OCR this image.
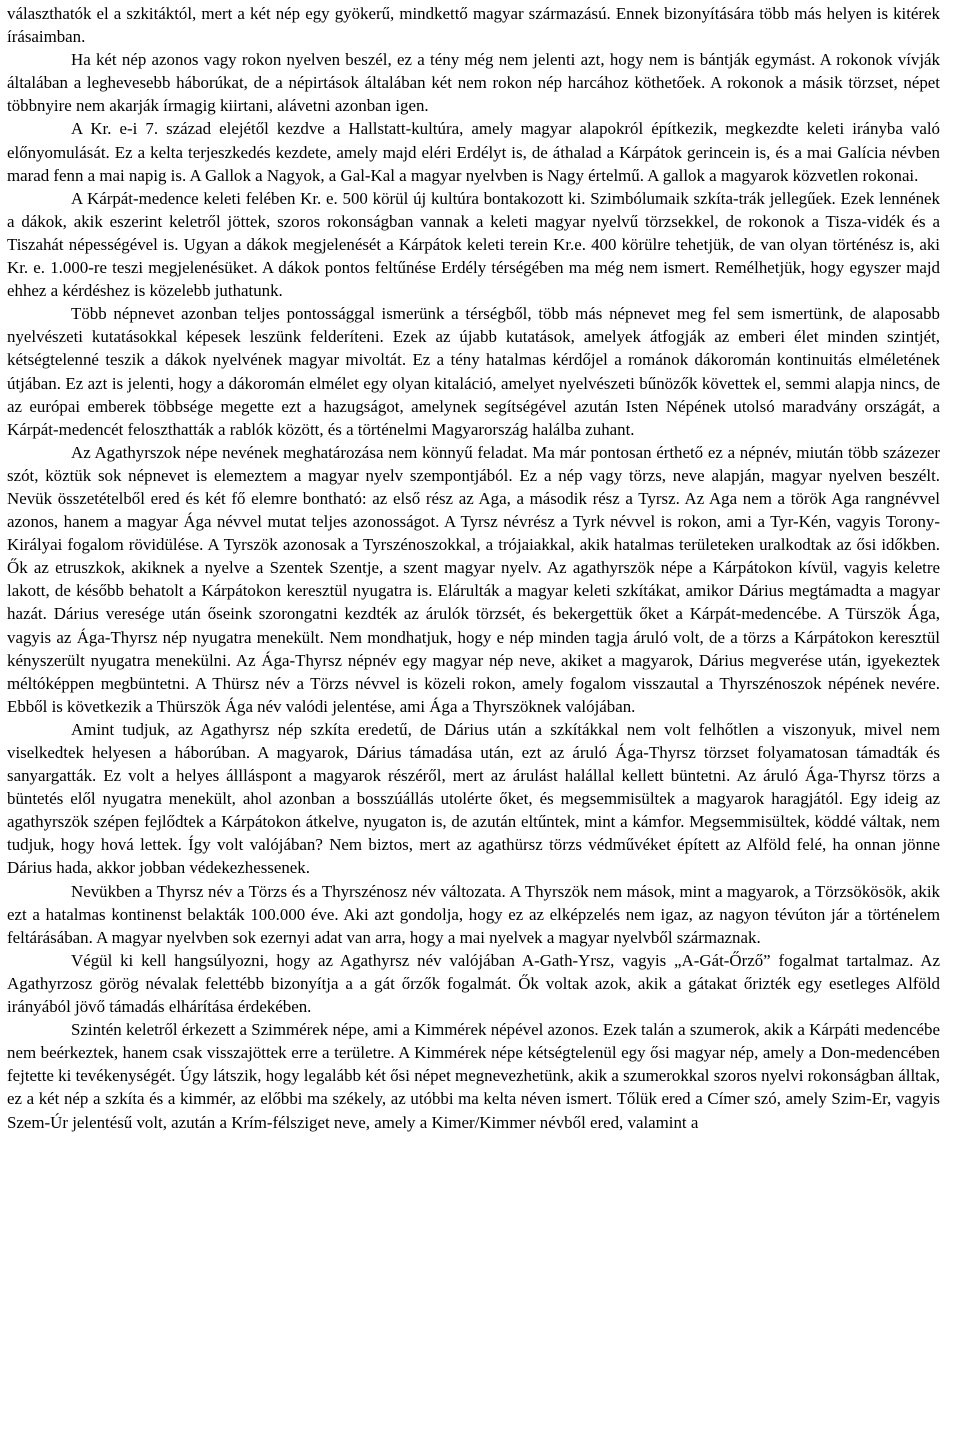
választhatók el a szkitáktól, mert a két nép egy gyökerű, mindkettő magyar származású. Ennek bizonyítására több más helyen is kitérek írásaimban.

Ha két nép azonos vagy rokon nyelven beszél, ez a tény még nem jelenti azt, hogy nem is bántják egymást. A rokonok vívják általában a leghevesebb háborúkat, de a népirtások általában két nem rokon nép harcához köthetőek. A rokonok a másik törzset, népet többnyire nem akarják írmagig kiirtani, alávetni azonban igen.

A Kr. e-i 7. század elejétől kezdve a Hallstatt-kultúra, amely magyar alapokról építkezik, megkezdte keleti irányba való előnyomulását. Ez a kelta terjeszkedés kezdete, amely majd eléri Erdélyt is, de áthalad a Kárpátok gerincein is, és a mai Galícia névben marad fenn a mai napig is. A Gallok a Nagyok, a Gal-Kal a magyar nyelvben is Nagy értelmű. A gallok a magyarok közvetlen rokonai.

A Kárpát-medence keleti felében Kr. e. 500 körül új kultúra bontakozott ki. Szimbólumaik szkíta-trák jellegűek. Ezek lennének a dákok, akik eszerint keletről jöttek, szoros rokonságban vannak a keleti magyar nyelvű törzsekkel, de rokonok a Tisza-vidék és a Tiszahát népességével is. Ugyan a dákok megjelenését a Kárpátok keleti terein Kr.e. 400 körülre tehetjük, de van olyan történész is, aki Kr. e. 1.000-re teszi megjelenésüket. A dákok pontos feltűnése Erdély térségében ma még nem ismert. Remélhetjük, hogy egyszer majd ehhez a kérdéshez is közelebb juthatunk.

Több népnevet azonban teljes pontossággal ismerünk a térségből, több más népnevet meg fel sem ismertünk, de alaposabb nyelvészeti kutatásokkal képesek leszünk felderíteni. Ezek az újabb kutatások, amelyek átfogják az emberi élet minden szintjét, kétségtelenné teszik a dákok nyelvének magyar mivoltát. Ez a tény hatalmas kérdőjel a románok dákoromán kontinuitás elméletének útjában. Ez azt is jelenti, hogy a dákoromán elmélet egy olyan kitaláció, amelyet nyelvészeti bűnözők követtek el, semmi alapja nincs, de az európai emberek többsége megette ezt a hazugságot, amelynek segítségével azután Isten Népének utolsó maradvány országát, a Kárpát-medencét feloszthatták a rablók között, és a történelmi Magyarország halálba zuhant.

Az Agathyrszok népe nevének meghatározása nem könnyű feladat. Ma már pontosan érthető ez a népnév, miután több százezer szót, köztük sok népnevet is elemeztem a magyar nyelv szempontjából. Ez a nép vagy törzs, neve alapján, magyar nyelven beszélt. Nevük összetételből ered és két fő elemre bontható: az első rész az Aga, a második rész a Tyrsz. Az Aga nem a török Aga rangnévvel azonos, hanem a magyar Ága névvel mutat teljes azonosságot. A Tyrsz névrész a Tyrk névvel is rokon, ami a Tyr-Kén, vagyis Torony-Királyai fogalom rövidülése. A Tyrszök azonosak a Tyrszénoszokkal, a trójaiakkal, akik hatalmas területeken uralkodtak az ősi időkben. Ők az etruszkok, akiknek a nyelve a Szentek Szentje, a szent magyar nyelv. Az agathyrszök népe a Kárpátokon kívül, vagyis keletre lakott, de később behatolt a Kárpátokon keresztül nyugatra is. Elárulták a magyar keleti szkítákat, amikor Dárius megtámadta a magyar hazát. Dárius veresége után őseink szorongatni kezdték az árulók törzsét, és bekergettük őket a Kárpát-medencébe. A Türszök Ága, vagyis az Ága-Thyrsz nép nyugatra menekült. Nem mondhatjuk, hogy e nép minden tagja áruló volt, de a törzs a Kárpátokon keresztül kényszerült nyugatra menekülni. Az Ága-Thyrsz népnév egy magyar nép neve, akiket a magyarok, Dárius megverése után, igyekeztek méltóképpen megbüntetni. A Thürsz név a Törzs névvel is közeli rokon, amely fogalom visszautal a Thyrszénoszok népének nevére. Ebből is következik a Thürszök Ága név valódi jelentése, ami Ága a Thyrszöknek valójában.

Amint tudjuk, az Agathyrsz nép szkíta eredetű, de Dárius után a szkítákkal nem volt felhőtlen a viszonyuk, mivel nem viselkedtek helyesen a háborúban. A magyarok, Dárius támadása után, ezt az áruló Ága-Thyrsz törzset folyamatosan támadták és sanyargatták. Ez volt a helyes állláspont a magyarok részéről, mert az árulást halállal kellett büntetni. Az áruló Ága-Thyrsz törzs a büntetés elől nyugatra menekült, ahol azonban a bosszúállás utolérte őket, és megsemmisültek a magyarok haragjától. Egy ideig az agathyrszök szépen fejlődtek a Kárpátokon átkelve, nyugaton is, de azután eltűntek, mint a kámfor. Megsemmisültek, köddé váltak, nem tudjuk, hogy hová lettek. Így volt valójában? Nem biztos, mert az agathürsz törzs védművéket épített az Alföld felé, ha onnan jönne Dárius hada, akkor jobban védekezhessenek.

Nevükben a Thyrsz név a Törzs és a Thyrszénosz név változata. A Thyrszök nem mások, mint a magyarok, a Törzsökösök, akik ezt a hatalmas kontinenst belakták 100.000 éve. Aki azt gondolja, hogy ez az elképzelés nem igaz, az nagyon tévúton jár a történelem feltárásában. A magyar nyelvben sok ezernyi adat van arra, hogy a mai nyelvek a magyar nyelvből származnak.

Végül ki kell hangsúlyozni, hogy az Agathyrsz név valójában A-Gath-Yrsz, vagyis „A-Gát-Őrző” fogalmat tartalmaz. Az Agathyrzosz görög névalak felettébb bizonyítja a a gát őrzők fogalmát. Ők voltak azok, akik a gátakat őrizték egy esetleges Alföld irányából jövő támadás elhárítása érdekében.

Szintén keletről érkezett a Szimmérek népe, ami a Kimmérek népével azonos. Ezek talán a szumerok, akik a Kárpáti medencébe nem beérkeztek, hanem csak visszajöttek erre a területre. A Kimmérek népe kétségtelenül egy ősi magyar nép, amely a Don-medencében fejtette ki tevékenységét. Úgy látszik, hogy legalább két ősi népet megnevezhetünk, akik a szumerokkal szoros nyelvi rokonságban álltak, ez a két nép a szkíta és a kimmér, az előbbi ma székely, az utóbbi ma kelta néven ismert. Tőlük ered a Címer szó, amely Szim-Er, vagyis Szem-Úr jelentésű volt, azután a Krím-félsziget neve, amely a Kimer/Kimmer névből ered, valamint a
